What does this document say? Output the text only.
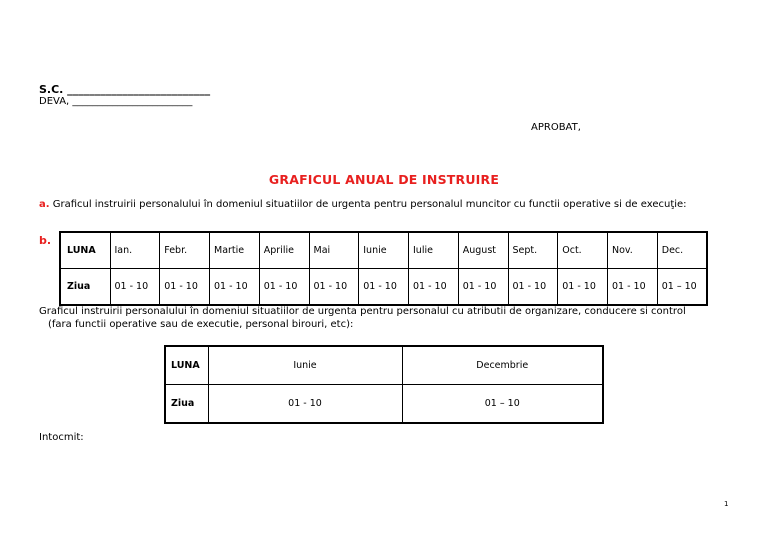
S.C. __________________________
DEVA, ________________________
APROBAT,
GRAFICUL ANUAL DE INSTRUIRE
a. Graficul instruirii personalului în domeniul situatiilor de urgenta pentru personalul muncitor cu functii operative si de execuţie:
b.
LUNA	Ian.	Febr.	Martie	Aprilie	Mai	Iunie	Iulie	August	Sept.	Oct.	Nov.	Dec.
Ziua	01 - 10	01 - 10	01 - 10	01 - 10	01 - 10	01 - 10	01 - 10	01 - 10	01 - 10	01 - 10	01 - 10	01 – 10
Graficul instruirii personalului în domeniul situatiilor de urgenta pentru personalul cu atributii de organizare, conducere si control
(fara functii operative sau de executie, personal birouri, etc):
LUNA	Iunie	Decembrie
Ziua	01 - 10	01 – 10
Intocmit:
1
